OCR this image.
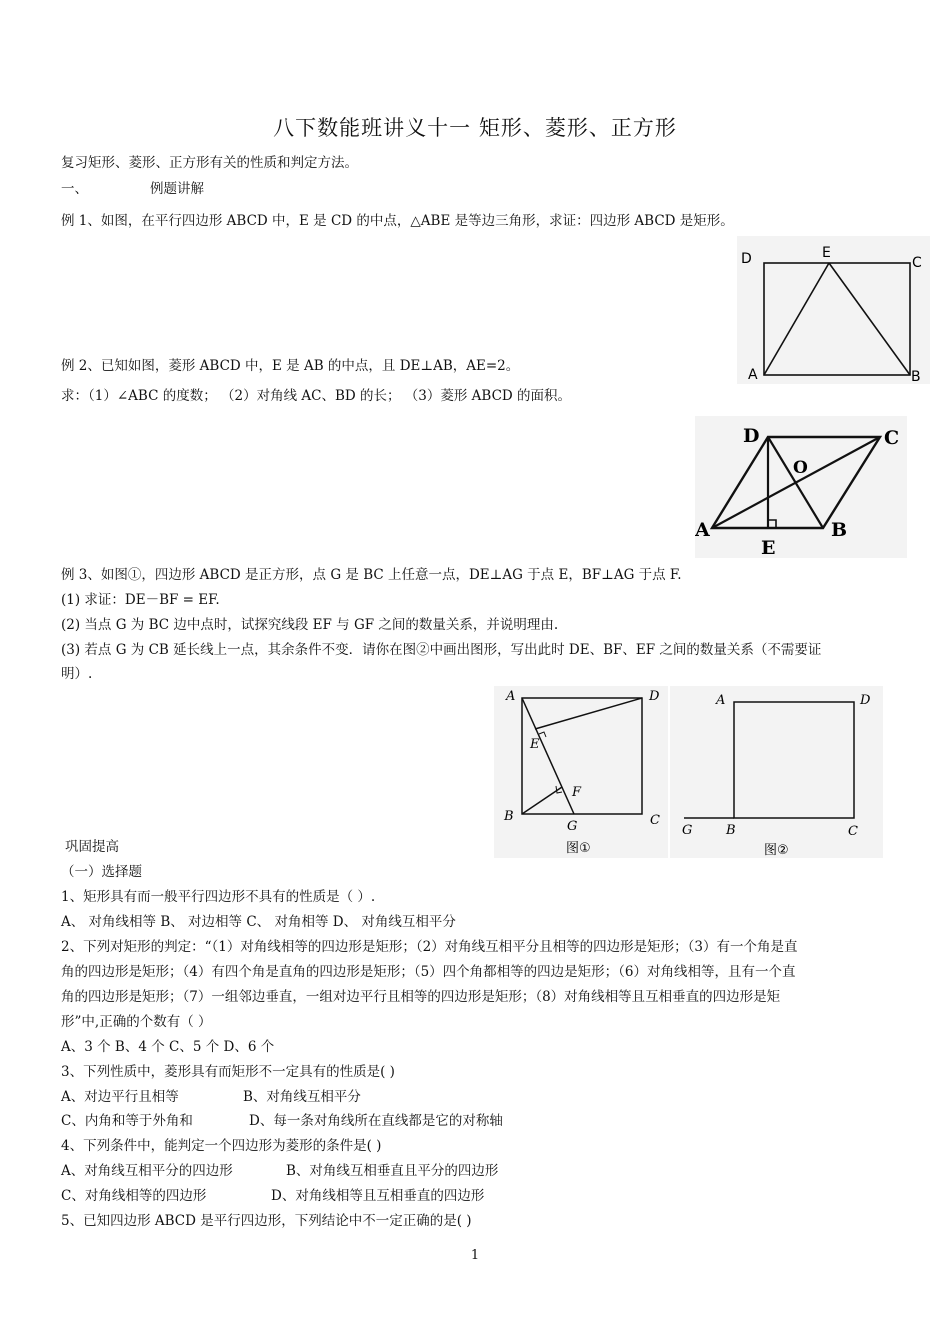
八下数能班讲义十一 矩形、菱形、正方形
复习矩形、菱形、正方形有关的性质和判定方法。
一、	例题讲解
例 1、如图，在平行四边形 ABCD 中，E 是 CD 的中点，△ABE 是等边三角形，求证：四边形 ABCD 是矩形。
D	E
C
A	B
例 2、已知如图，菱形 ABCD 中，E 是 AB 的中点，且 DE⊥AB，AE=2。
求：（1）∠ABC 的度数； （2）对角线 AC、BD 的长； （3）菱形 ABCD 的面积。
D	C
O
A
E
B
例 3、如图①，四边形 ABCD 是正方形，点 G 是 BC 上任意一点，DE⊥AG 于点 E，BF⊥AG 于点 F.
(1) 求证：DE－BF = EF.
(2) 当点 G 为 BC 边中点时，试探究线段 EF 与 GF 之间的数量关系，并说明理由.
(3) 若点 G 为 CB 延长线上一点，其余条件不变．请你在图②中画出图形，写出此时 DE、BF、EF 之间的数量关系（不需要证
明）.
A	D
E
F
B
G	C
图①
A	D
G	B	C
图②
巩固提高
（一）选择题
1、矩形具有而一般平行四边形不具有的性质是（ ）.
A、 对角线相等 B、 对边相等 C、 对角相等 D、 对角线互相平分
2、下列对矩形的判定：“（1）对角线相等的四边形是矩形；（2）对角线互相平分且相等的四边形是矩形；（3）有一个角是直
角的四边形是矩形；（4）有四个角是直角的四边形是矩形；（5）四个角都相等的四边是矩形；（6）对角线相等，且有一个直
角的四边形是矩形；（7）一组邻边垂直，一组对边平行且相等的四边形是矩形；（8）对角线相等且互相垂直的四边形是矩
形”中,正确的个数有（ ）
A、3 个 B、4 个 C、5 个 D、6 个
3、下列性质中，菱形具有而矩形不一定具有的性质是( )
A、对边平行且相等	B、对角线互相平分
C、内角和等于外角和	D、每一条对角线所在直线都是它的对称轴
4、下列条件中，能判定一个四边形为菱形的条件是( )
A、对角线互相平分的四边形	B、对角线互相垂直且平分的四边形
C、对角线相等的四边形	D、对角线相等且互相垂直的四边形
5、已知四边形 ABCD 是平行四边形，下列结论中不一定正确的是( )
1
